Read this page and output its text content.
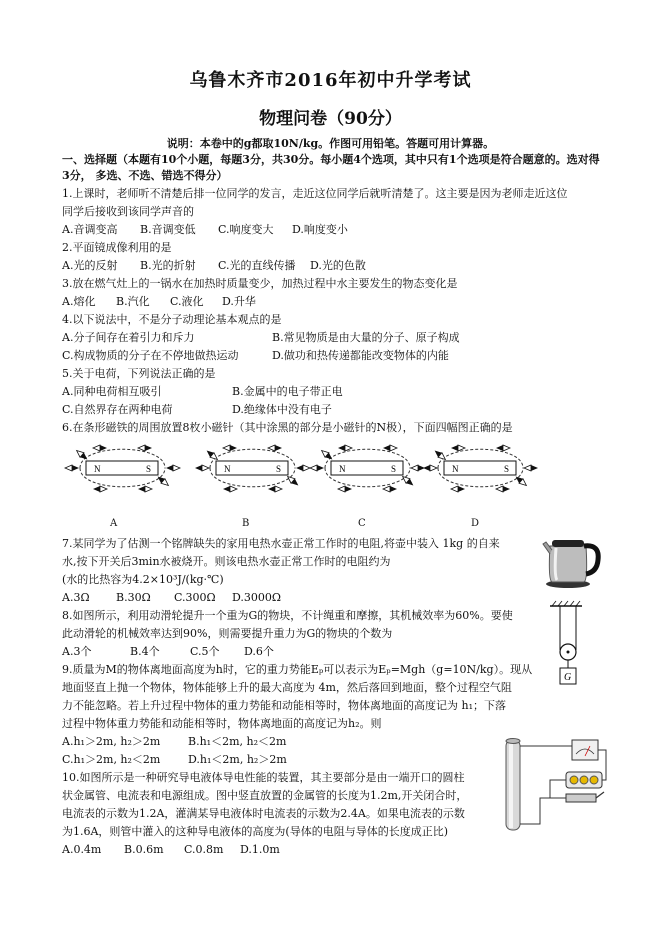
乌鲁木齐市2016年初中升学考试
物理问卷（90分）
说明：本卷中的g都取10N/kg。作图可用铅笔。答题可用计算器。
一、选择题（本题有10个小题，每题3分，共30分。每小题4个选项，其中只有1个选项是符合题意的。选对得3分， 多选、不选、错选不得分）
1.上课时，老师听不清楚后排一位同学的发言，走近这位同学后就听清楚了。这主要是因为老师走近这位
同学后接收到该同学声音的
A.音调变高 B.音调变低 C.响度变大 D.响度变小
2.平面镜成像利用的是
A.光的反射 B.光的折射 C.光的直线传播 D.光的色散
3.放在燃气灶上的一锅水在加热时质量变少，加热过程中水主要发生的物态变化是
A.熔化 B.汽化 C.液化 D.升华
4.以下说法中，不是分子动理论基本观点的是
A.分子间存在着引力和斥力	B.常见物质是由大量的分子、原子构成
C.构成物质的分子在不停地做热运动	D.做功和热传递都能改变物体的内能
5.关于电荷，下列说法正确的是
A.同种电荷相互吸引	B.金属中的电子带正电
C.自然界存在两种电荷	D.绝缘体中没有电子
6.在条形磁铁的周围放置8枚小磁针（其中涂黑的部分是小磁针的N极），下面四幅图正确的是
N	S	N	S	N	S	N	S
A	B	C	D
7.某同学为了估测一个铭牌缺失的家用电热水壶正常工作时的电阻,将壶中装入 1kg 的自来
水,按下开关后3min水被烧开。则该电热水壶正常工作时的电阻约为
(水的比热容为4.2×10³J/(kg·℃)
A.3Ω B.30Ω C.300Ω D.3000Ω
8.如图所示，利用动滑轮提升一个重为G的物块，不计绳重和摩擦，其机械效率为60%。要使
此动滑轮的机械效率达到90%，则需要提升重力为G的物块的个数为
A.3个	B.4个	C.5个 D.6个
G
9.质量为M的物体离地面高度为h时，它的重力势能Eₚ可以表示为Eₚ=Mgh（g=10N/kg）。现从
地面竖直上抛一个物体，物体能够上升的最大高度为 4m，然后落回到地面，整个过程空气阻
力不能忽略。若上升过程中物体的重力势能和动能相等时，物体离地面的高度记为 h₁；下落
过程中物体重力势能和动能相等时，物体离地面的高度记为h₂。则
A.h₁＞2m, h₂＞2m	B.h₁＜2m, h₂＜2m
C.h₁＞2m, h₂＜2m	D.h₁＜2m, h₂＞2m
10.如图所示是一种研究导电液体导电性能的装置，其主要部分是由一端开口的圆柱
状金属管、电流表和电源组成。图中竖直放置的金属管的长度为1.2m,开关闭合时，
电流表的示数为1.2A，灌满某导电液体时电流表的示数为2.4A。如果电流表的示数
为1.6A，则管中灌入的这种导电液体的高度为(导体的电阻与导体的长度成正比)
A.0.4m B.0.6m C.0.8m D.1.0m
